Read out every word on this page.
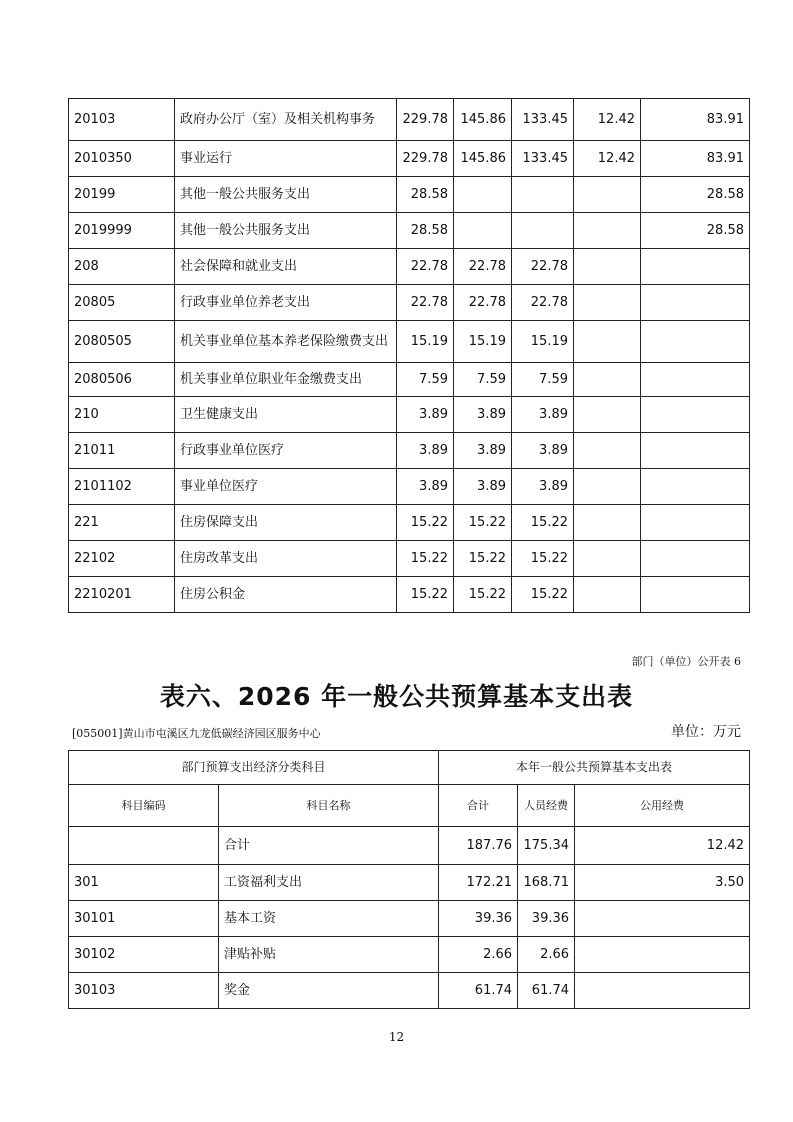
20103	政府办公厅（室）及相关机构事务	229.78	145.86	133.45	12.42	83.91
2010350	事业运行	229.78	145.86	133.45	12.42	83.91
20199	其他一般公共服务支出	28.58				28.58
2019999	其他一般公共服务支出	28.58				28.58
208	社会保障和就业支出	22.78	22.78	22.78		
20805	行政事业单位养老支出	22.78	22.78	22.78		
2080505	机关事业单位基本养老保险缴费支出	15.19	15.19	15.19		
2080506	机关事业单位职业年金缴费支出	7.59	7.59	7.59		
210	卫生健康支出	3.89	3.89	3.89		
21011	行政事业单位医疗	3.89	3.89	3.89		
2101102	事业单位医疗	3.89	3.89	3.89		
221	住房保障支出	15.22	15.22	15.22		
22102	住房改革支出	15.22	15.22	15.22		
2210201	住房公积金	15.22	15.22	15.22		
部门（单位）公开表 6
表六、2026 年一般公共预算基本支出表
[055001]黄山市屯溪区九龙低碳经济园区服务中心	单位：万元
部门预算支出经济分类科目		本年一般公共预算基本支出表		
科目编码	科目名称	合计	人员经费	公用经费
	合计	187.76	175.34	12.42
301	工资福利支出	172.21	168.71	3.50
30101	基本工资	39.36	39.36	
30102	津贴补贴	2.66	2.66	
30103	奖金	61.74	61.74	
12
